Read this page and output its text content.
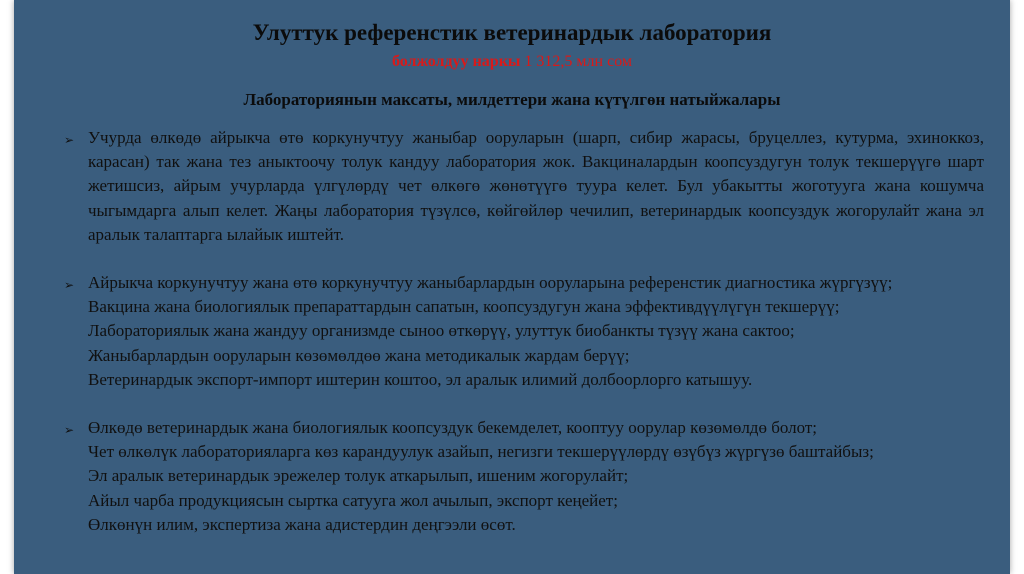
Улуттук референстик ветеринардык лаборатория
болжолдуу наркы 1 312,5 млн сом
Лабораториянын максаты, милдеттери жана күтүлгөн натыйжалары
➢ Учурда өлкөдө айрыкча өтө коркунучтуу жаныбар ооруларын (шарп, сибир жарасы, бруцеллез, кутурма, эхиноккоз, карасан) так жана тез аныктоочу толук кандуу лаборатория жок. Вакциналардын коопсуздугун толук текшерүүгө шарт жетишсиз, айрым учурларда үлгүлөрдү чет өлкөгө жөнөтүүгө туура келет. Бул убакытты жоготууга жана кошумча чыгымдарга алып келет. Жаңы лаборатория түзүлсө, көйгөйлөр чечилип, ветеринардык коопсуздук жогорулайт жана эл аралык талаптарга ылайык иштейт.

➢ Айрыкча коркунучтуу жана өтө коркунучтуу жаныбарлардын ооруларына референстик диагностика жүргүзүү;

Вакцина жана биологиялык препараттардын сапатын, коопсуздугун жана эффективдүүлүгүн текшерүү;

Лабораториялык жана жандуу организмде сыноо өткөрүү, улуттук биобанкты түзүү жана сактоо;

Жаныбарлардын ооруларын көзөмөлдөө жана методикалык жардам берүү;

Ветеринардык экспорт-импорт иштерин коштоо, эл аралык илимий долбоорлорго катышуу.

➢ Өлкөдө ветеринардык жана биологиялык коопсуздук бекемделет, кооптуу оорулар көзөмөлдө болот;

Чет өлкөлүк лабораторияларга көз карандуулук азайып, негизги текшерүүлөрдү өзүбүз жүргүзө баштайбыз;

Эл аралык ветеринардык эрежелер толук аткарылып, ишеним жогорулайт;

Айыл чарба продукциясын сыртка сатууга жол ачылып, экспорт кеңейет;

Өлкөнүн илим, экспертиза жана адистердин деңгээли өсөт.
